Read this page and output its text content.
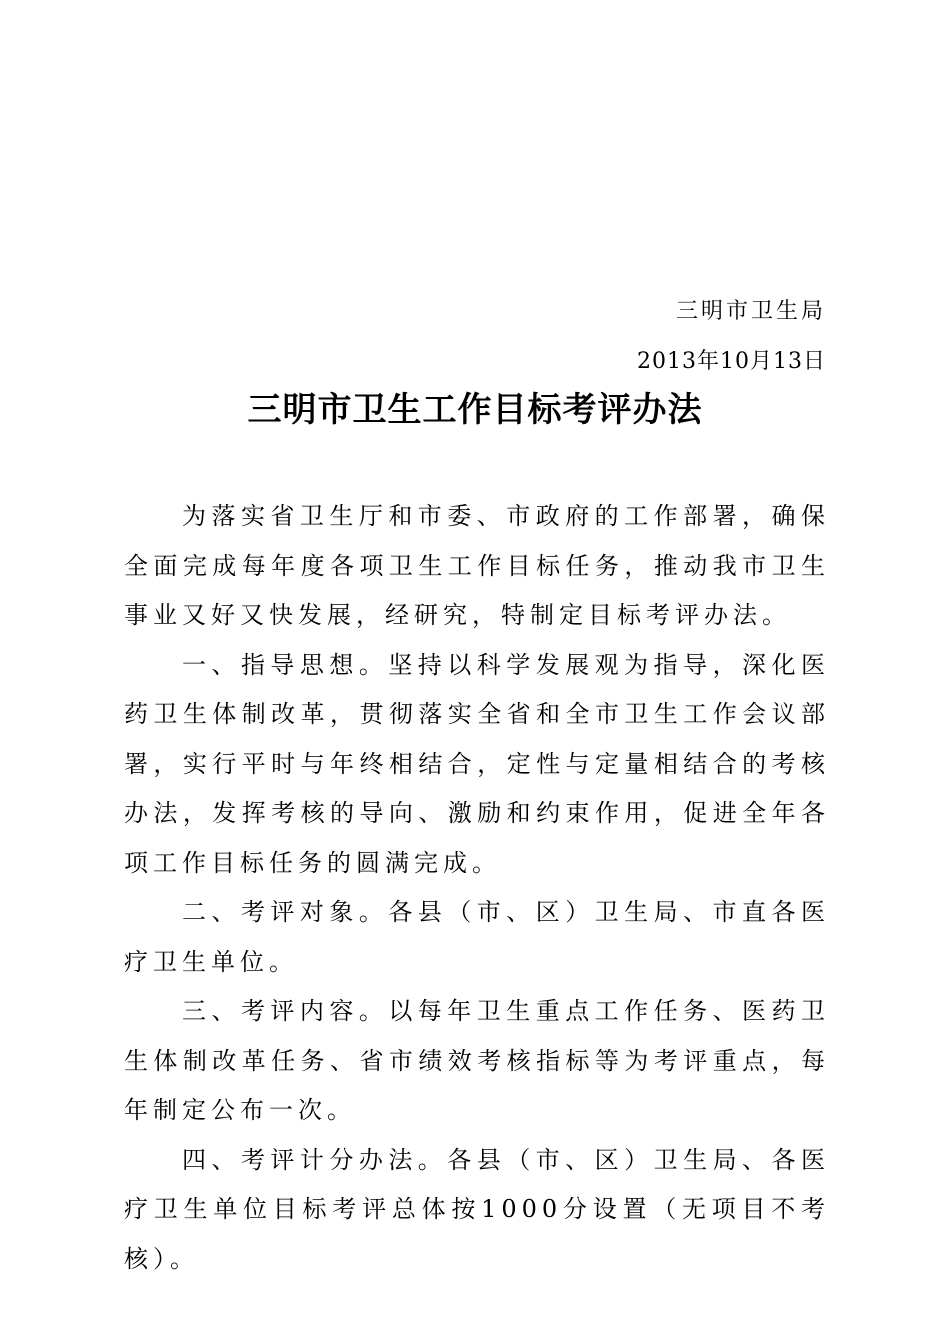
三明市卫生局
2013年10月13日
三明市卫生工作目标考评办法

为落实省卫生厅和市委、市政府的工作部署，确保全面完成每年度各项卫生工作目标任务，推动我市卫生事业又好又快发展，经研究，特制定目标考评办法。

一、指导思想。坚持以科学发展观为指导，深化医药卫生体制改革，贯彻落实全省和全市卫生工作会议部署，实行平时与年终相结合，定性与定量相结合的考核办法，发挥考核的导向、激励和约束作用，促进全年各项工作目标任务的圆满完成。

二、考评对象。各县（市、区）卫生局、市直各医疗卫生单位。

三、考评内容。以每年卫生重点工作任务、医药卫生体制改革任务、省市绩效考核指标等为考评重点，每年制定公布一次。

四、考评计分办法。各县（市、区）卫生局、各医疗卫生单位目标考评总体按1000分设置（无项目不考核）。
